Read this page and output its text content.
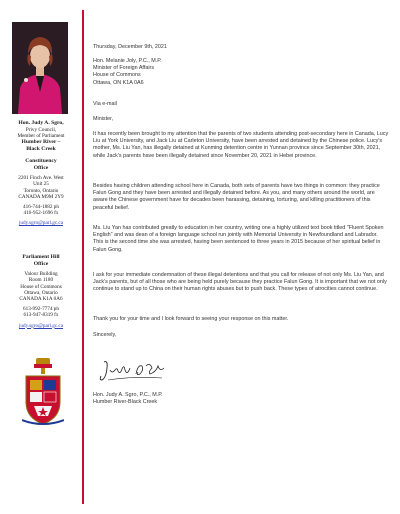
Hon. Judy A. Sgro,
Privy Council,
Member of Parliament
Humber River –
Black Creek
Constituency
Office
2201 Finch Ave. West
Unit 25
Toronto, Ontario
CANADA M9M 2Y9
416-744-1882 ph
416-952-1696 fx
judy.sgro@parl.gc.ca
Parliament Hill
Office
Valour Building
Room 1180
House of Commons
Ottawa, Ontario
CANADA K1A 0A6
613-992-7774 ph
613-947-8319 fx
judy.sgro@parl.gc.ca

Thursday, December 9th, 2021

Hon. Melanie Joly, P.C., M.P.

Minister of Foreign Affairs

House of Commons

Ottawa, ON K1A 0A6

Via e-mail

Minister,

It has recently been brought to my attention that the parents of two students attending post-secondary here in Canada, Lucy Liu at York University, and Jack Liu at Carleton University, have been arrested and detained by the Chinese police. Lucy's mother, Ms. Liu Yan, has illegally detained at Kunming detention centre in Yunnan province since September 30th, 2021, while Jack's parents have been illegally detained since November 20, 2021 in Hebei province.

Besides having children attending school here in Canada, both sets of parents have two things in common: they practice Falun Gong and they have been arrested and illegally detained before. As you, and many others around the world, are aware the Chinese government have for decades been harassing, detaining, torturing, and killing practitioners of this peaceful belief.

Ms. Liu Yan has contributed greatly to education in her country, writing one a highly utilized text book titled "Fluent Spoken English" and was dean of a foreign language school run jointly with Memorial University in Newfoundland and Labrador. This is the second time she was arrested, having been sentenced to three years in 2015 because of her spiritual belief in Falun Gong.

I ask for your immediate condemnation of these illegal detentions and that you call for release of not only Ms. Liu Yan, and Jack's parents, but of all those who are being held purely because they practice Falun Gong. It is important that we not only continue to stand up to China on their human rights abuses but to push back. These types of atrocities cannot continue.

Thank you for your time and I look forward to seeing your response on this matter.

Sincerely,

Hon. Judy A. Sgro, P.C., M.P.

Humber River-Black Creek
